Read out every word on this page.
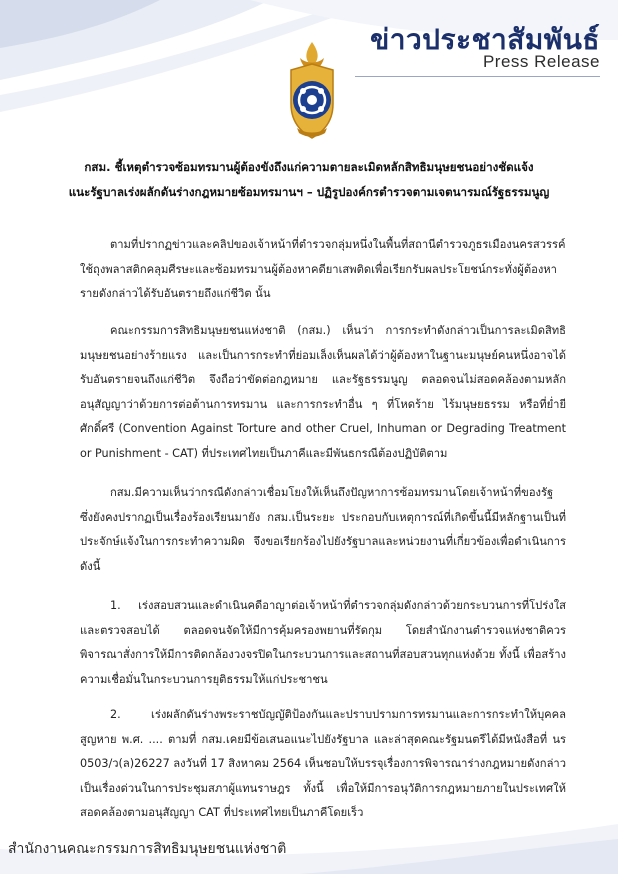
ข่าวประชาสัมพันธ์
Press Release
กสม. ชี้เหตุตำรวจซ้อมทรมานผู้ต้องขังถึงแก่ความตายละเมิดหลักสิทธิมนุษยชนอย่างชัดแจ้ง
แนะรัฐบาลเร่งผลักดันร่างกฎหมายซ้อมทรมานฯ – ปฏิรูปองค์กรตำรวจตามเจตนารมณ์รัฐธรรมนูญ

ตามที่ปรากฏข่าวและคลิปของเจ้าหน้าที่ตำรวจกลุ่มหนึ่งในพื้นที่สถานีตำรวจภูธรเมืองนครสวรรค์ ใช้ถุงพลาสติกคลุมศีรษะและซ้อมทรมานผู้ต้องหาคดียาเสพติดเพื่อเรียกรับผลประโยชน์กระทั่งผู้ต้องหารายดังกล่าวได้รับอันตรายถึงแก่ชีวิต นั้น

คณะกรรมการสิทธิมนุษยชนแห่งชาติ (กสม.) เห็นว่า การกระทำดังกล่าวเป็นการละเมิดสิทธิมนุษยชนอย่างร้ายแรง และเป็นการกระทำที่ย่อมเล็งเห็นผลได้ว่าผู้ต้องหาในฐานะมนุษย์คนหนึ่งอาจได้รับอันตรายจนถึงแก่ชีวิต จึงถือว่าขัดต่อกฎหมาย และรัฐธรรมนูญ ตลอดจนไม่สอดคล้องตามหลักอนุสัญญาว่าด้วยการต่อต้านการทรมาน และการกระทำอื่น ๆ ที่โหดร้าย ไร้มนุษยธรรม หรือที่ย่ำยีศักดิ์ศรี (Convention Against Torture and other Cruel, Inhuman or Degrading Treatment or Punishment - CAT) ที่ประเทศไทยเป็นภาคีและมีพันธกรณีต้องปฏิบัติตาม

กสม.มีความเห็นว่ากรณีดังกล่าวเชื่อมโยงให้เห็นถึงปัญหาการซ้อมทรมานโดยเจ้าหน้าที่ของรัฐซึ่งยังคงปรากฏเป็นเรื่องร้องเรียนมายัง กสม.เป็นระยะ ประกอบกับเหตุการณ์ที่เกิดขึ้นนี้มีหลักฐานเป็นที่ประจักษ์แจ้งในการกระทำความผิด จึงขอเรียกร้องไปยังรัฐบาลและหน่วยงานที่เกี่ยวข้องเพื่อดำเนินการดังนี้

1. เร่งสอบสวนและดำเนินคดีอาญาต่อเจ้าหน้าที่ตำรวจกลุ่มดังกล่าวด้วยกระบวนการที่โปร่งใสและตรวจสอบได้ ตลอดจนจัดให้มีการคุ้มครองพยานที่รัดกุม โดยสำนักงานตำรวจแห่งชาติควรพิจารณาสั่งการให้มีการติดกล้องวงจรปิดในกระบวนการและสถานที่สอบสวนทุกแห่งด้วย ทั้งนี้ เพื่อสร้างความเชื่อมั่นในกระบวนการยุติธรรมให้แก่ประชาชน

2. เร่งผลักดันร่างพระราชบัญญัติป้องกันและปราบปรามการทรมานและการกระทำให้บุคคลสูญหาย พ.ศ. .... ตามที่ กสม.เคยมีข้อเสนอแนะไปยังรัฐบาล และล่าสุดคณะรัฐมนตรีได้มีหนังสือที่ นร 0503/ว(ล)26227 ลงวันที่ 17 สิงหาคม 2564 เห็นชอบให้บรรจุเรื่องการพิจารณาร่างกฎหมายดังกล่าวเป็นเรื่องด่วนในการประชุมสภาผู้แทนราษฎร ทั้งนี้ เพื่อให้มีการอนุวัติการกฎหมายภายในประเทศให้สอดคล้องตามอนุสัญญา CAT ที่ประเทศไทยเป็นภาคีโดยเร็ว

สำนักงานคณะกรรมการสิทธิมนุษยชนแห่งชาติ
